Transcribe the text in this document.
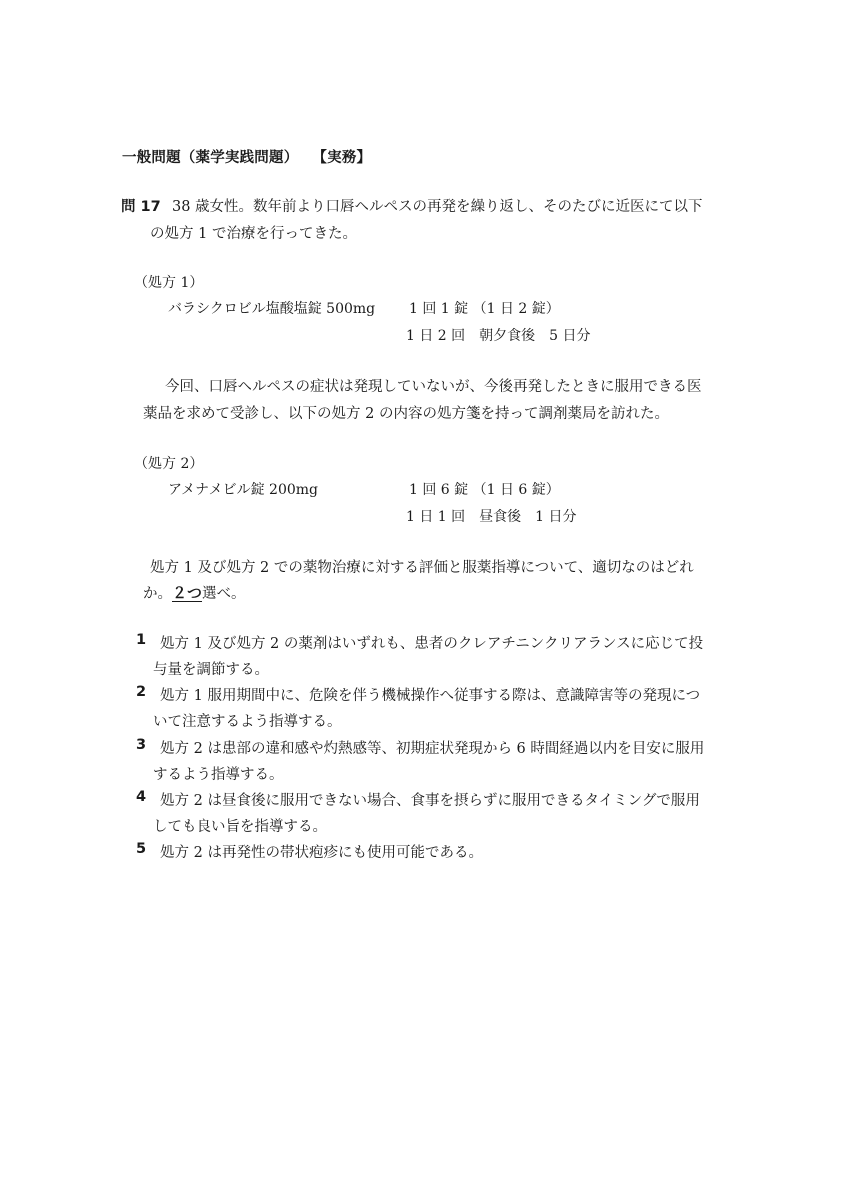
一般問題（薬学実践問題） 【実務】
問 17 38 歳女性。数年前より口唇ヘルペスの再発を繰り返し、そのたびに近医にて以下
の処方 1 で治療を行ってきた。
（処方 1）
バラシクロビル塩酸塩錠 500mg 1 回 1 錠 （1 日 2 錠）
1 日 2 回　朝夕食後　5 日分
今回、口唇ヘルペスの症状は発現していないが、今後再発したときに服用できる医
薬品を求めて受診し、以下の処方 2 の内容の処方箋を持って調剤薬局を訪れた。
（処方 2）
アメナメビル錠 200mg	1 回 6 錠 （1 日 6 錠）
1 日 1 回　昼食後　1 日分
処方 1 及び処方 2 での薬物治療に対する評価と服薬指導について、適切なのはどれ
か。２つ選べ。
1 処方 1 及び処方 2 の薬剤はいずれも、患者のクレアチニンクリアランスに応じて投
与量を調節する。
2 処方 1 服用期間中に、危険を伴う機械操作へ従事する際は、意識障害等の発現につ
いて注意するよう指導する。
3 処方 2 は患部の違和感や灼熱感等、初期症状発現から 6 時間経過以内を目安に服用
するよう指導する。
4 処方 2 は昼食後に服用できない場合、食事を摂らずに服用できるタイミングで服用
しても良い旨を指導する。
5 処方 2 は再発性の帯状疱疹にも使用可能である。
